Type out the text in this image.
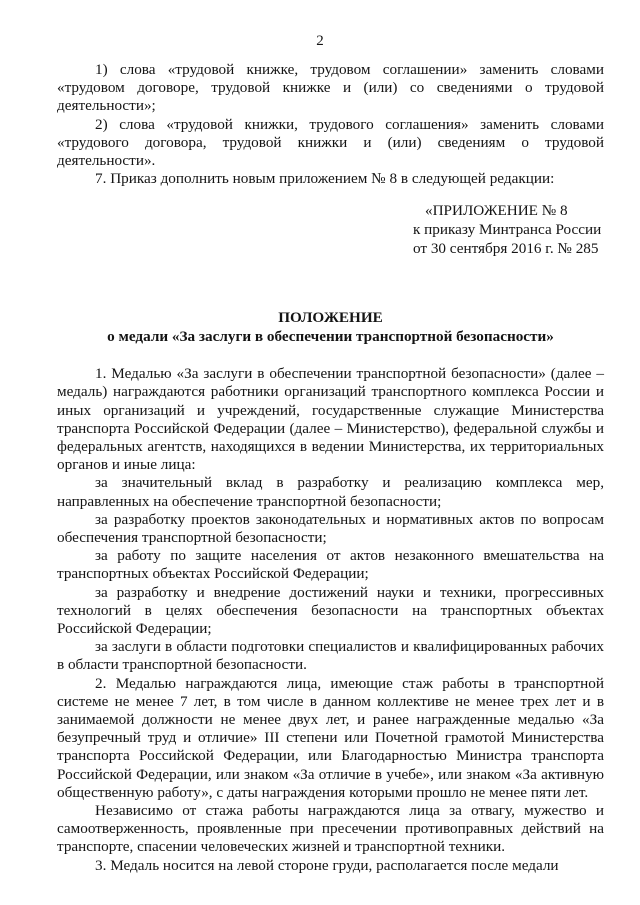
2

1) слова «трудовой книжке, трудовом соглашении» заменить словами «трудовом договоре, трудовой книжке и (или) со сведениями о трудовой деятельности»;

2) слова «трудовой книжки, трудового соглашения» заменить словами «трудового договора, трудовой книжки и (или) сведениям о трудовой деятельности».

7. Приказ дополнить новым приложением № 8 в следующей редакции:

«ПРИЛОЖЕНИЕ № 8
к приказу Минтранса России
от 30 сентября 2016 г. № 285
ПОЛОЖЕНИЕ
о медали «За заслуги в обеспечении транспортной безопасности»

1. Медалью «За заслуги в обеспечении транспортной безопасности» (далее – медаль) награждаются работники организаций транспортного комплекса России и иных организаций и учреждений, государственные служащие Министерства транспорта Российской Федерации (далее – Министерство), федеральной службы и федеральных агентств, находящихся в ведении Министерства, их территориальных органов и иные лица:

за значительный вклад в разработку и реализацию комплекса мер, направленных на обеспечение транспортной безопасности;

за разработку проектов законодательных и нормативных актов по вопросам обеспечения транспортной безопасности;

за работу по защите населения от актов незаконного вмешательства на транспортных объектах Российской Федерации;

за разработку и внедрение достижений науки и техники, прогрессивных технологий в целях обеспечения безопасности на транспортных объектах Российской Федерации;

за заслуги в области подготовки специалистов и квалифицированных рабочих в области транспортной безопасности.

2. Медалью награждаются лица, имеющие стаж работы в транспортной системе не менее 7 лет, в том числе в данном коллективе не менее трех лет и в занимаемой должности не менее двух лет, и ранее награжденные медалью «За безупречный труд и отличие» III степени или Почетной грамотой Министерства транспорта Российской Федерации, или Благодарностью Министра транспорта Российской Федерации, или знаком «За отличие в учебе», или знаком «За активную общественную работу», с даты награждения которыми прошло не менее пяти лет.

Независимо от стажа работы награждаются лица за отвагу, мужество и самоотверженность, проявленные при пресечении противоправных действий на транспорте, спасении человеческих жизней и транспортной техники.

3. Медаль носится на левой стороне груди, располагается после медали
